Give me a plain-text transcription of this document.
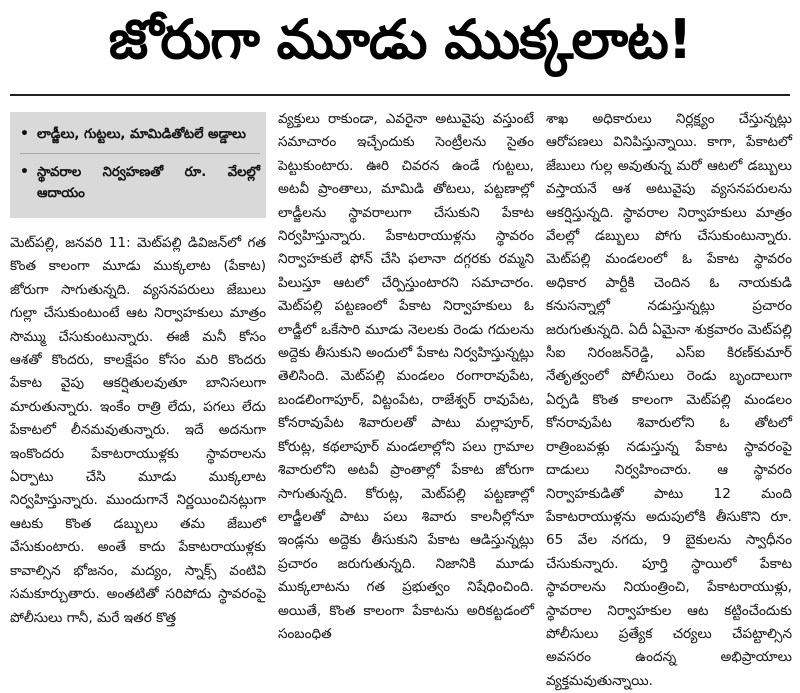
జోరుగా మూడు ముక్కలాట!
• లాడ్జీలు, గుట్టలు, మామిడితోటలే అడ్డాలు
• స్థావరాల నిర్వహణతో రూ. వేలల్లో ఆదాయం

మెట్‌పల్లి, జనవరి 11: మెట్‌పల్లి డివిజన్‌లో గత కొంత కాలంగా మూడు ముక్కలాట (పేకాట) జోరుగా సాగుతున్నది. వ్యసనపరులు జేబులు గుల్లా చేసుకుంటుంటే ఆట నిర్వాహకులు మాత్రం సొమ్ము చేసుకుంటున్నారు. ఈజీ మనీ కోసం ఆశతో కొందరు, కాలక్షేపం కోసం మరి కొందరు పేకాట వైపు ఆకర్షితులవుతూ బానిసలుగా మారుతున్నారు. ఇంకేం రాత్రి లేదు, పగలు లేదు పేకాటలో లీనమవుతున్నారు. ఇదే అదనుగా ఇంకొందరు పేకాటరాయుళ్లకు స్థావరాలను ఏర్పాటు చేసి మూడు ముక్కలాట నిర్వహిస్తున్నారు. ముందుగానే నిర్ణయించినట్లుగా ఆటకు కొంత డబ్బులు తమ జేబులో వేసుకుంటారు. అంతే కాదు పేకాటరాయుళ్లకు కావాల్సిన భోజనం, మద్యం, స్నాక్స్ వంటివి సమకూర్చుతారు. అంతటితో సరిపోదు స్థావరంపై పోలీసులు గానీ, మరే ఇతర కొత్త

వ్యక్తులు రాకుండా, ఎవరైనా అటువైపు వస్తుంటే సమాచారం ఇచ్చేందుకు సెంట్రీలను సైతం పెట్టుకుంటారు. ఊరి చివరన ఉండే గుట్టలు, అటవీ ప్రాంతాలు, మామిడి తోటలు, పట్టణాల్లో లాడ్జీలను స్థావరాలుగా చేసుకుని పేకాట నిర్వహిస్తున్నారు. పేకాటరాయుళ్లను స్థావరం నిర్వాహకులే ఫోన్ చేసి ఫలానా దగ్గరకు రమ్మని పిలుస్తూ ఆటలో చేర్పిస్తుంటారని సమాచారం. మెట్‌పల్లి పట్టణంలో పేకాట నిర్వాహకులు ఓ లాడ్జీలో ఒకేసారి మూడు నెలలకు రెండు గదులను అద్దెకు తీసుకుని అందులో పేకాట నిర్వహిస్తున్నట్లు తెలిసింది. మెట్‌పల్లి మండలం రంగారావుపేట, బండలింగాపూర్, విట్టంపేట, రాజేశ్వర్ రావుపేట, కోనరావుపేట శివారులతో పాటు మల్లాపూర్, కోరుట్ల, కథలాపూర్ మండలాల్లోని పలు గ్రామాల శివారులోని అటవీ ప్రాంతాల్లో పేకాట జోరుగా సాగుతున్నది. కోరుట్ల, మెట్‌పల్లి పట్టణాల్లో లాడ్జీలతో పాటు పలు శివారు కాలనీల్లోనూ ఇండ్లను అద్దెకు తీసుకుని పేకాట ఆడిస్తున్నట్లు ప్రచారం జరుగుతున్నది. నిజానికి మూడు ముక్కలాటను గత ప్రభుత్వం నిషేధించింది. అయితే, కొంత కాలంగా పేకాటను అరికట్టడంలో సంబంధిత

శాఖ అధికారులు నిర్లక్ష్యం చేస్తున్నట్లు ఆరోపణలు వినిపిస్తున్నాయి. కాగా, పేకాటలో జేబులు గుల్ల అవుతున్న మరో ఆటలో డబ్బులు వస్తాయనే ఆశ అటువైపు వ్యసనపరులను ఆకర్షిస్తున్నది. స్థావరాల నిర్వాహకులు మాత్రం వేలల్లో డబ్బులు పోగు చేసుకుంటున్నారు. మెట్‌పల్లి మండలంలో ఓ పేకాట స్థావరం అధికార పార్టీకి చెందిన ఓ నాయకుడి కనుసన్నాల్లో నడుస్తున్నట్లు ప్రచారం జరుగుతున్నది. ఏదీ ఏమైనా శుక్రవారం మెట్‌పల్లి సీఐ నిరంజన్‌రెడ్డి, ఎస్ఐ కిరణ్‌కుమార్ నేతృత్వంలో పోలీసులు రెండు బృందాలుగా ఏర్పడి కొంత కాలంగా మెట్‌పల్లి మండలం కోనరావుపేట శివారులోని ఓ తోటలో రాత్రింబవళ్లు నడుస్తున్న పేకాట స్థావరంపై దాడులు నిర్వహించారు. ఆ స్థావరం నిర్వాహకుడితో పాటు 12 మంది పేకాటరాయుళ్లను అదుపులోకి తీసుకొని రూ. 65 వేల నగదు, 9 బైకులను స్వాధీనం చేసుకున్నారు. పూర్తి స్థాయిలో పేకాట స్థావరాలను నియంత్రించి, పేకాటరాయుళ్లు, స్థావరాల నిర్వాహకుల ఆట కట్టించేందుకు పోలీసులు ప్రత్యేక చర్యలు చేపట్టాల్సిన అవసరం ఉందన్న అభిప్రాయాలు వ్యక్తమవుతున్నాయి.
